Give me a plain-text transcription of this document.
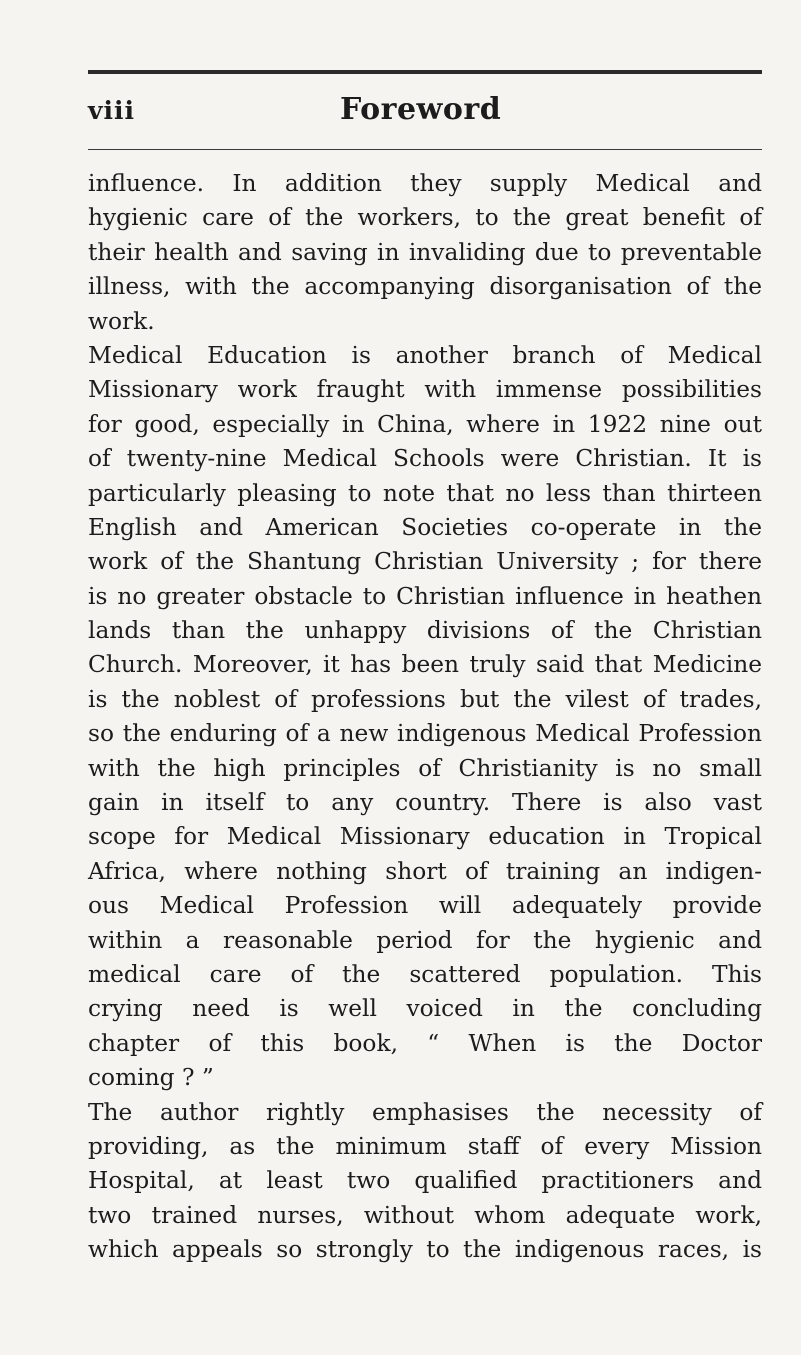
viii	Foreword
influence. In addition they supply Medical and
hygienic care of the workers, to the great benefit of
their health and saving in invaliding due to preventable
illness, with the accompanying disorganisation of the
work.
Medical Education is another branch of Medical
Missionary work fraught with immense possibilities
for good, especially in China, where in 1922 nine out
of twenty-nine Medical Schools were Christian. It is
particularly pleasing to note that no less than thirteen
English and American Societies co-operate in the
work of the Shantung Christian University ; for there
is no greater obstacle to Christian influence in heathen
lands than the unhappy divisions of the Christian
Church. Moreover, it has been truly said that Medicine
is the noblest of professions but the vilest of trades,
so the enduring of a new indigenous Medical Profession
with the high principles of Christianity is no small
gain in itself to any country. There is also vast
scope for Medical Missionary education in Tropical
Africa, where nothing short of training an indigen-
ous Medical Profession will adequately provide
within a reasonable period for the hygienic and
medical care of the scattered population. This
crying need is well voiced in the concluding
chapter of this book, “ When is the Doctor
coming ? ”
The author rightly emphasises the necessity of
providing, as the minimum staff of every Mission
Hospital, at least two qualified practitioners and
two trained nurses, without whom adequate work,
which appeals so strongly to the indigenous races, is
